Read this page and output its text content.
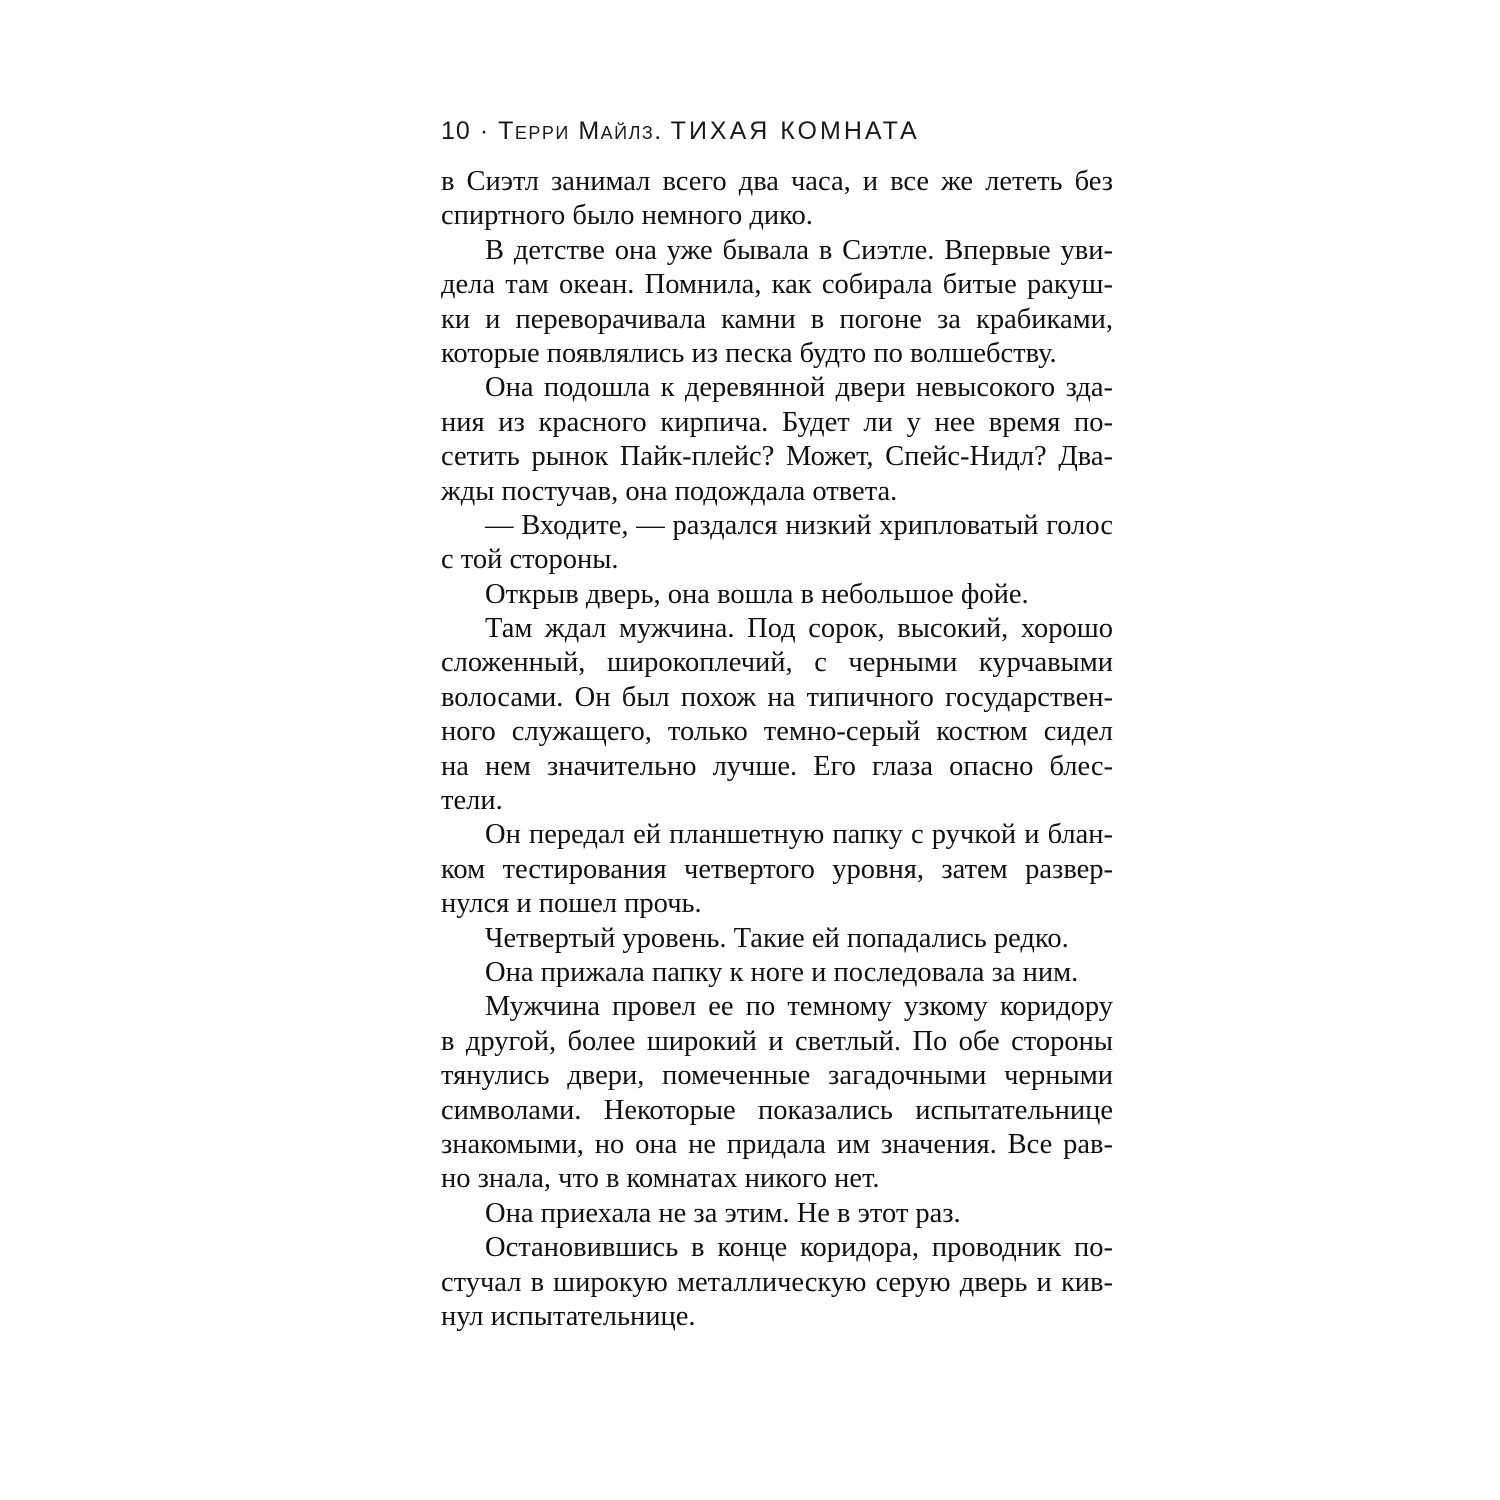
10 · Терри Майлз. ТИХАЯ КОМНАТА
в Сиэтл занимал всего два часа, и все же лететь без
спиртного было немного дико.
В детстве она уже бывала в Сиэтле. Впервые уви-
дела там океан. Помнила, как собирала битые ракуш-
ки и переворачивала камни в погоне за крабиками,
которые появлялись из песка будто по волшебству.
Она подошла к деревянной двери невысокого зда-
ния из красного кирпича. Будет ли у нее время по-
сетить рынок Пайк-плейс? Может, Спейс-Нидл? Два-
жды постучав, она подождала ответа.
— Входите, — раздался низкий хрипловатый голос
с той стороны.
Открыв дверь, она вошла в небольшое фойе.
Там ждал мужчина. Под сорок, высокий, хорошо
сложенный, широкоплечий, с черными курчавыми
волосами. Он был похож на типичного государствен-
ного служащего, только темно-серый костюм сидел
на нем значительно лучше. Его глаза опасно блес-
тели.
Он передал ей планшетную папку с ручкой и блан-
ком тестирования четвертого уровня, затем развер-
нулся и пошел прочь.
Четвертый уровень. Такие ей попадались редко.
Она прижала папку к ноге и последовала за ним.
Мужчина провел ее по темному узкому коридору
в другой, более широкий и светлый. По обе стороны
тянулись двери, помеченные загадочными черными
символами. Некоторые показались испытательнице
знакомыми, но она не придала им значения. Все рав-
но знала, что в комнатах никого нет.
Она приехала не за этим. Не в этот раз.
Остановившись в конце коридора, проводник по-
стучал в широкую металлическую серую дверь и кив-
нул испытательнице.
